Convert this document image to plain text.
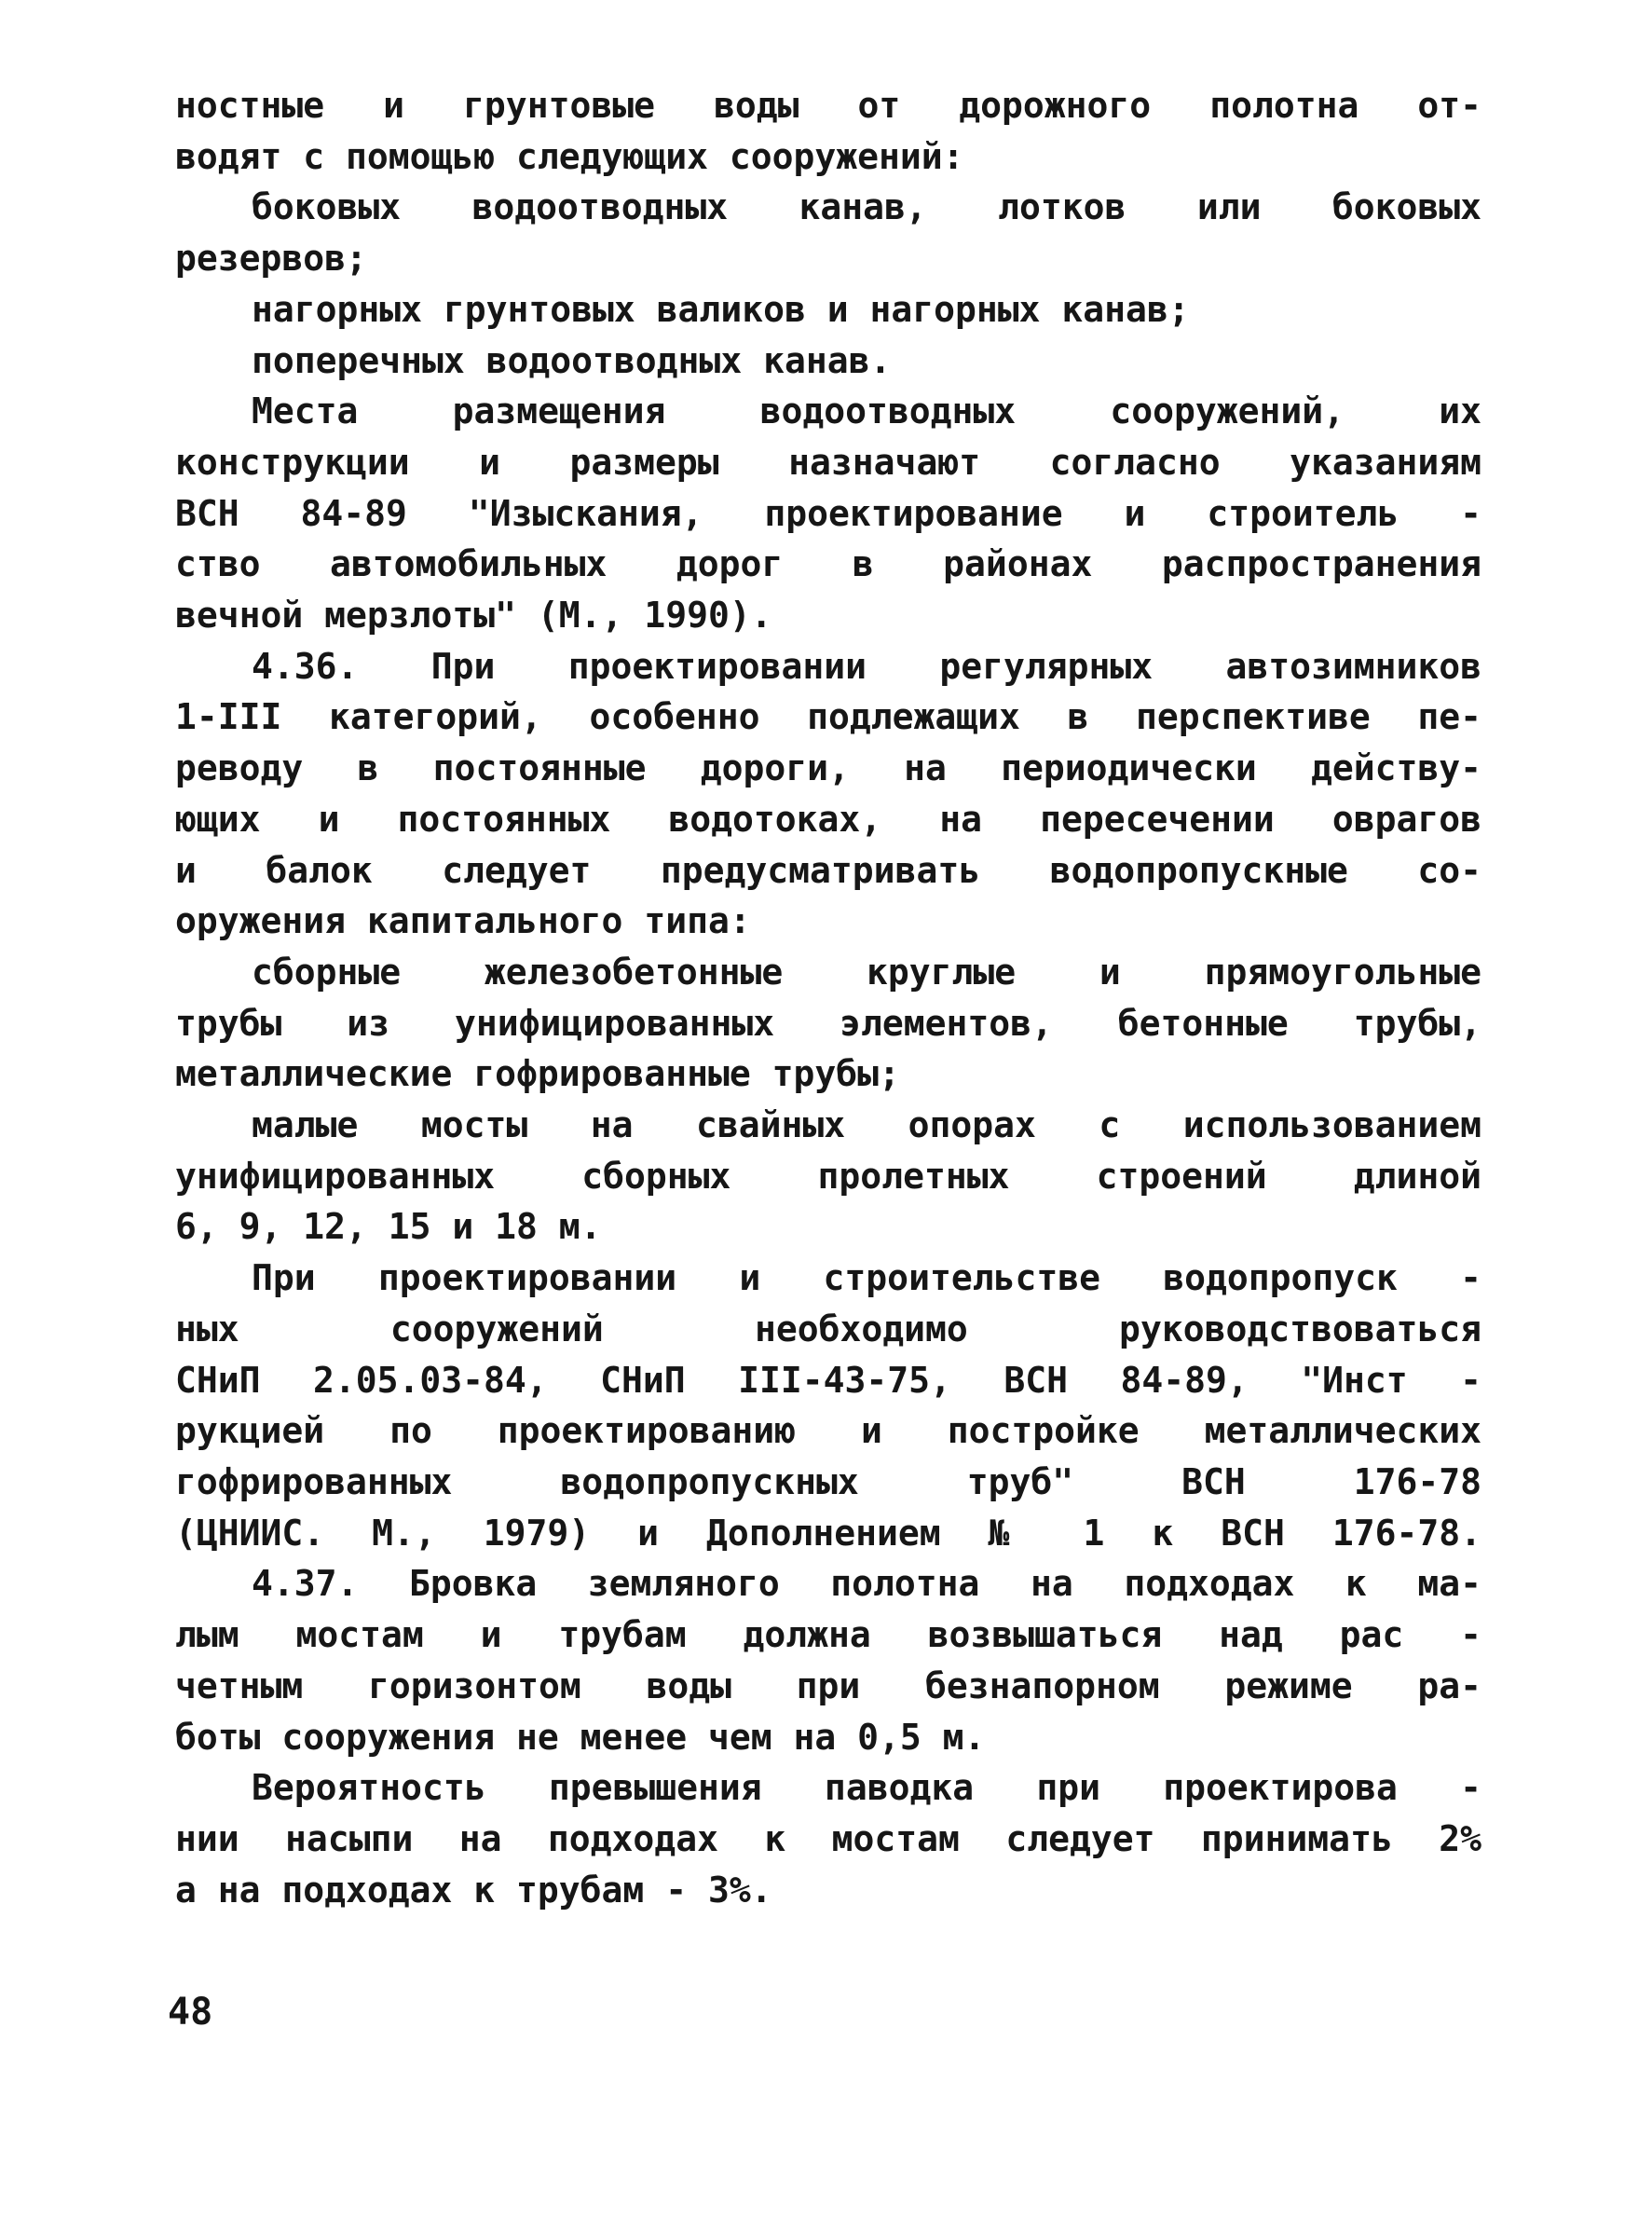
ностные и грунтовые воды от дорожного полотна от-
водят с помощью следующих сооружений:
боковых водоотводных канав, лотков или боковых
резервов;
нагорных грунтовых валиков и нагорных канав;
поперечных водоотводных канав.
Места размещения водоотводных сооружений, их
конструкции и размеры назначают согласно указаниям
ВСН 84-89 "Изыскания, проектирование и строитель -
ство автомобильных дорог в районах распространения
вечной мерзлоты" (М., 1990).
4.36. При проектировании регулярных автозимников
1-III категорий, особенно подлежащих в перспективе пе-
реводу в постоянные дороги, на периодически действу-
ющих и постоянных водотоках, на пересечении оврагов
и балок следует предусматривать водопропускные со-
оружения капитального типа:
сборные железобетонные круглые и прямоугольные
трубы из унифицированных элементов, бетонные трубы,
металлические гофрированные трубы;
малые мосты на свайных опорах с использованием
унифицированных сборных пролетных строений длиной
6, 9, 12, 15 и 18 м.
При проектировании и строительстве водопропуск -
ных сооружений необходимо руководствоваться
СНиП 2.05.03-84, СНиП III-43-75, ВСН 84-89, "Инст -
рукцией по проектированию и постройке металлических
гофрированных водопропускных труб" ВСН 176-78
(ЦНИИС. М., 1979) и Дополнением № 1 к ВСН 176-78.
4.37. Бровка земляного полотна на подходах к ма-
лым мостам и трубам должна возвышаться над рас -
четным горизонтом воды при безнапорном режиме ра-
боты сооружения не менее чем на 0,5 м.
Вероятность превышения паводка при проектирова -
нии насыпи на подходах к мостам следует принимать 2%
а на подходах к трубам - 3%.
48
